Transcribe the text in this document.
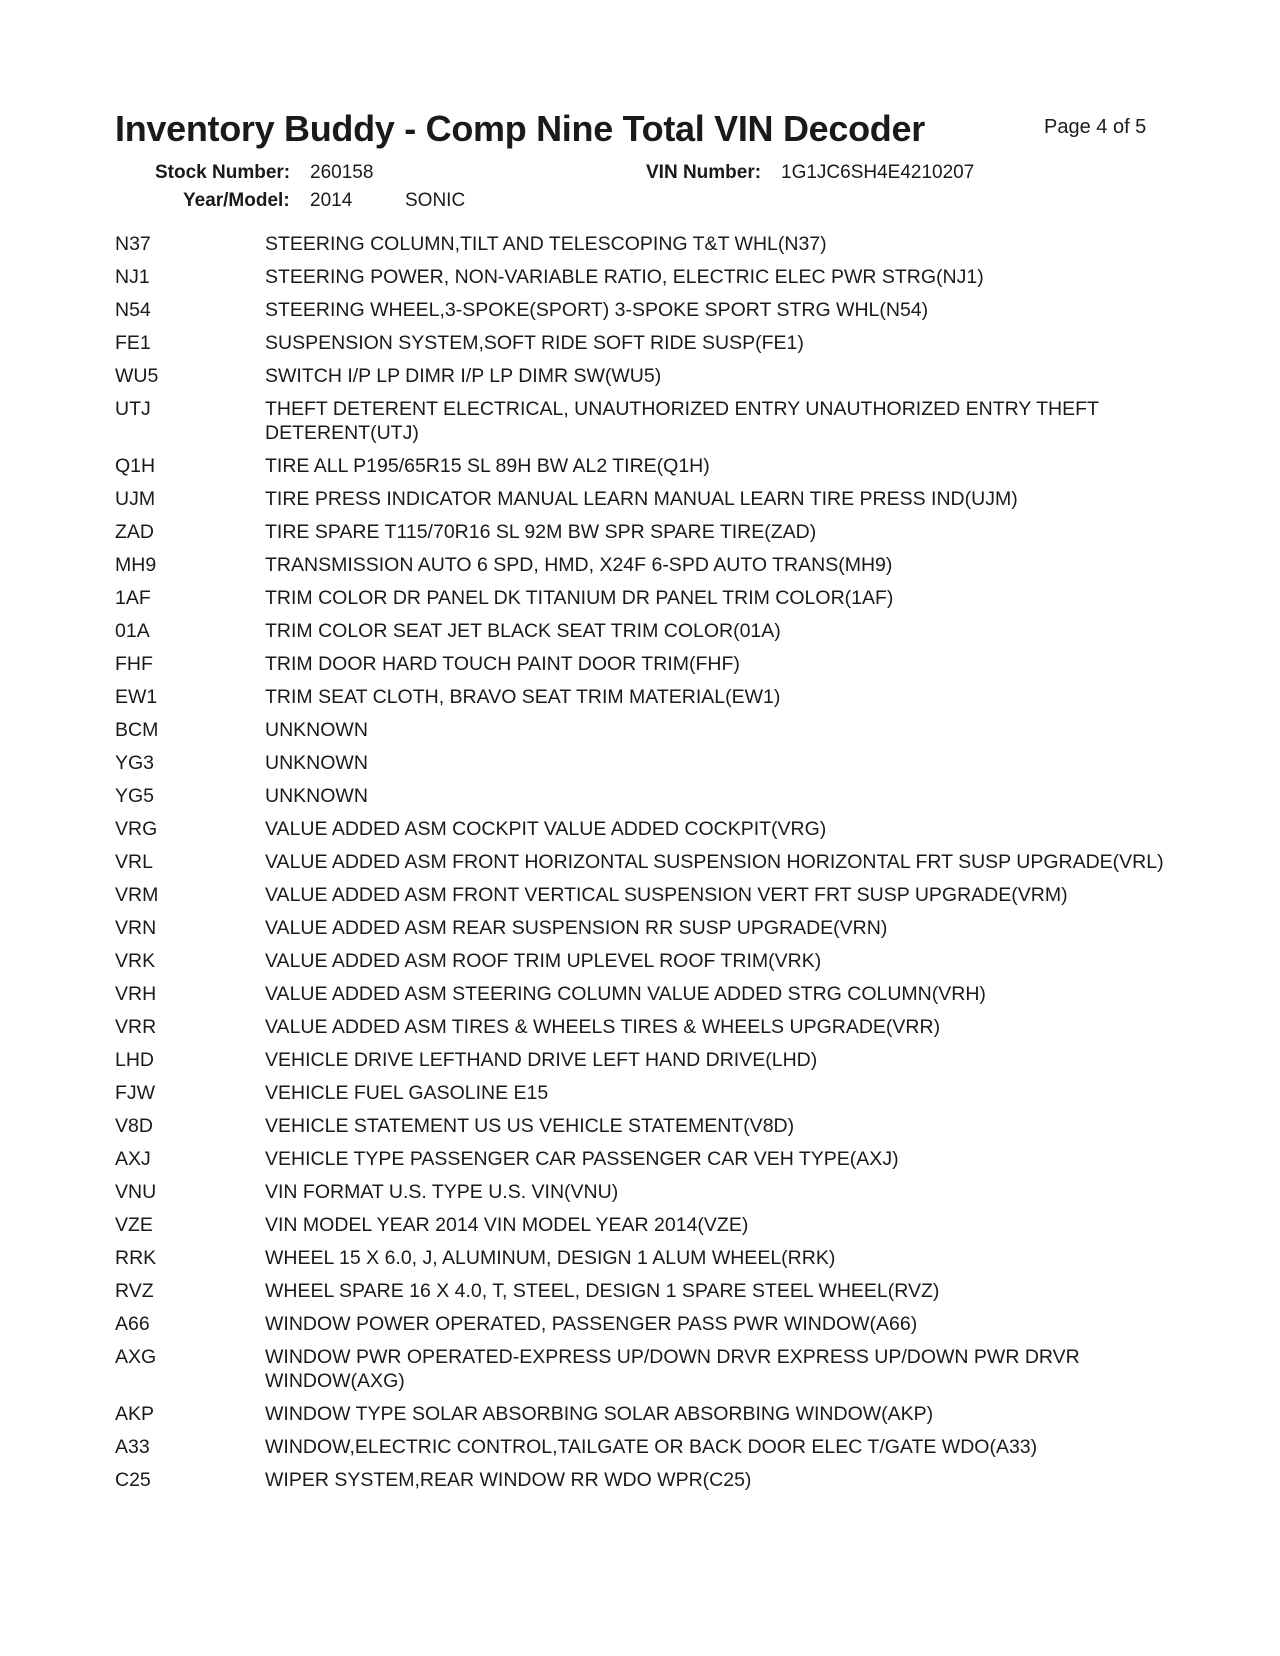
Inventory Buddy - Comp Nine Total VIN Decoder	Page 4 of 5
Stock Number: 260158	VIN Number: 1G1JC6SH4E4210207
Year/Model: 2014	SONIC
N37	STEERING COLUMN,TILT AND TELESCOPING T&T WHL(N37)
NJ1	STEERING POWER, NON-VARIABLE RATIO, ELECTRIC ELEC PWR STRG(NJ1)
N54	STEERING WHEEL,3-SPOKE(SPORT) 3-SPOKE SPORT STRG WHL(N54)
FE1	SUSPENSION SYSTEM,SOFT RIDE SOFT RIDE SUSP(FE1)
WU5	SWITCH I/P LP DIMR I/P LP DIMR SW(WU5)
UTJ	THEFT DETERENT ELECTRICAL, UNAUTHORIZED ENTRY UNAUTHORIZED ENTRY THEFT DETERENT(UTJ)
Q1H	TIRE ALL P195/65R15 SL 89H BW AL2 TIRE(Q1H)
UJM	TIRE PRESS INDICATOR MANUAL LEARN MANUAL LEARN TIRE PRESS IND(UJM)
ZAD	TIRE SPARE T115/70R16 SL 92M BW SPR SPARE TIRE(ZAD)
MH9	TRANSMISSION AUTO 6 SPD, HMD, X24F 6-SPD AUTO TRANS(MH9)
1AF	TRIM COLOR DR PANEL DK TITANIUM DR PANEL TRIM COLOR(1AF)
01A	TRIM COLOR SEAT JET BLACK SEAT TRIM COLOR(01A)
FHF	TRIM DOOR HARD TOUCH PAINT DOOR TRIM(FHF)
EW1	TRIM SEAT CLOTH, BRAVO SEAT TRIM MATERIAL(EW1)
BCM	UNKNOWN
YG3	UNKNOWN
YG5	UNKNOWN
VRG	VALUE ADDED ASM COCKPIT VALUE ADDED COCKPIT(VRG)
VRL	VALUE ADDED ASM FRONT HORIZONTAL SUSPENSION HORIZONTAL FRT SUSP UPGRADE(VRL)
VRM	VALUE ADDED ASM FRONT VERTICAL SUSPENSION VERT FRT SUSP UPGRADE(VRM)
VRN	VALUE ADDED ASM REAR SUSPENSION RR SUSP UPGRADE(VRN)
VRK	VALUE ADDED ASM ROOF TRIM UPLEVEL ROOF TRIM(VRK)
VRH	VALUE ADDED ASM STEERING COLUMN VALUE ADDED STRG COLUMN(VRH)
VRR	VALUE ADDED ASM TIRES & WHEELS TIRES & WHEELS UPGRADE(VRR)
LHD	VEHICLE DRIVE LEFTHAND DRIVE LEFT HAND DRIVE(LHD)
FJW	VEHICLE FUEL GASOLINE E15
V8D	VEHICLE STATEMENT US US VEHICLE STATEMENT(V8D)
AXJ	VEHICLE TYPE PASSENGER CAR PASSENGER CAR VEH TYPE(AXJ)
VNU	VIN FORMAT U.S. TYPE U.S. VIN(VNU)
VZE	VIN MODEL YEAR 2014 VIN MODEL YEAR 2014(VZE)
RRK	WHEEL 15 X 6.0, J, ALUMINUM, DESIGN 1 ALUM WHEEL(RRK)
RVZ	WHEEL SPARE 16 X 4.0, T, STEEL, DESIGN 1 SPARE STEEL WHEEL(RVZ)
A66	WINDOW POWER OPERATED, PASSENGER PASS PWR WINDOW(A66)
AXG	WINDOW PWR OPERATED-EXPRESS UP/DOWN DRVR EXPRESS UP/DOWN PWR DRVR WINDOW(AXG)
AKP	WINDOW TYPE SOLAR ABSORBING SOLAR ABSORBING WINDOW(AKP)
A33	WINDOW,ELECTRIC CONTROL,TAILGATE OR BACK DOOR ELEC T/GATE WDO(A33)
C25	WIPER SYSTEM,REAR WINDOW RR WDO WPR(C25)
